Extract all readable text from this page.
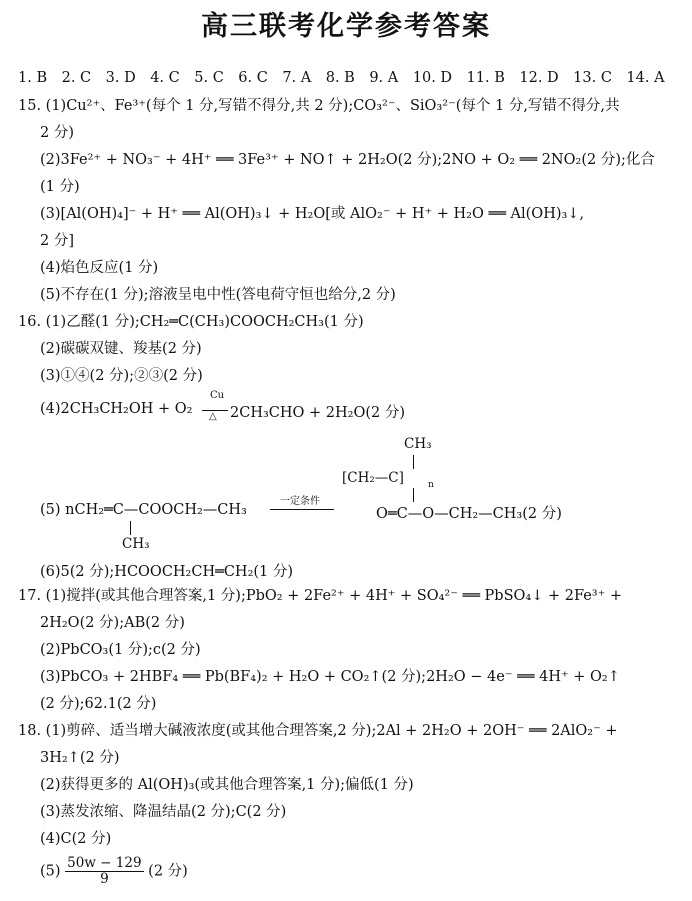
高三联考化学参考答案
1. B　2. C　3. D　4. C　5. C　6. C　7. A　8. B　9. A　10. D　11. B　12. D　13. C　14. A
15. (1)Cu²⁺、Fe³⁺(每个 1 分,写错不得分,共 2 分);CO₃²⁻、SiO₃²⁻(每个 1 分,写错不得分,共
2 分)
(2)3Fe²⁺ + NO₃⁻ + 4H⁺ ══ 3Fe³⁺ + NO↑ + 2H₂O(2 分);2NO + O₂ ══ 2NO₂(2 分);化合
(1 分)
(3)[Al(OH)₄]⁻ + H⁺ ══ Al(OH)₃↓ + H₂O[或 AlO₂⁻ + H⁺ + H₂O ══ Al(OH)₃↓,
2 分]
(4)焰色反应(1 分)
(5)不存在(1 分);溶液呈电中性(答电荷守恒也给分,2 分)
16. (1)乙醛(1 分);CH₂═C(CH₃)COOCH₂CH₃(1 分)
(2)碳碳双键、羧基(2 分)
(3)①④(2 分);②③(2 分)
(4)2CH₃CH₂OH + O₂
Cu
△ 2CH₃CHO + 2H₂O(2 分)
CH₃
[CH₂—C]	n
(5) nCH₂═C—COOCH₂—CH₃
CH₃
一定条件
O═C—O—CH₂—CH₃(2 分)
(6)5(2 分);HCOOCH₂CH═CH₂(1 分)
17. (1)搅拌(或其他合理答案,1 分);PbO₂ + 2Fe²⁺ + 4H⁺ + SO₄²⁻ ══ PbSO₄↓ + 2Fe³⁺ +
2H₂O(2 分);AB(2 分)
(2)PbCO₃(1 分);c(2 分)
(3)PbCO₃ + 2HBF₄ ══ Pb(BF₄)₂ + H₂O + CO₂↑(2 分);2H₂O − 4e⁻ ══ 4H⁺ + O₂↑
(2 分);62.1(2 分)
18. (1)剪碎、适当增大碱液浓度(或其他合理答案,2 分);2Al + 2H₂O + 2OH⁻ ══ 2AlO₂⁻ +
3H₂↑(2 分)
(2)获得更多的 Al(OH)₃(或其他合理答案,1 分);偏低(1 分)
(3)蒸发浓缩、降温结晶(2 分);C(2 分)
(4)C(2 分)
$(5) \frac{50w - 129}{9} (2$ 分)
